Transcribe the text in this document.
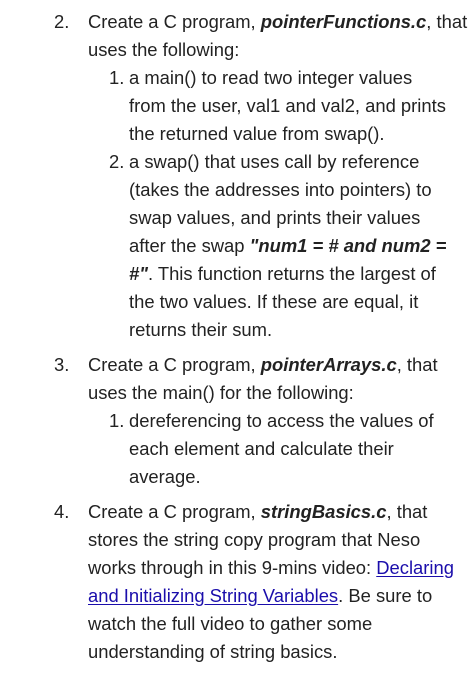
2. Create a C program, pointerFunctions.c, that
uses the following:
1. a main() to read two integer values
from the user, val1 and val2, and prints
the returned value from swap().
2. a swap() that uses call by reference
(takes the addresses into pointers) to
swap values, and prints their values
after the swap "num1 = # and num2 =
#". This function returns the largest of
the two values. If these are equal, it
returns their sum.
3. Create a C program, pointerArrays.c, that
uses the main() for the following:
1. dereferencing to access the values of
each element and calculate their
average.
4. Create a C program, stringBasics.c, that
stores the string copy program that Neso
works through in this 9-mins video: Declaring
and Initializing String Variables. Be sure to
watch the full video to gather some
understanding of string basics.
